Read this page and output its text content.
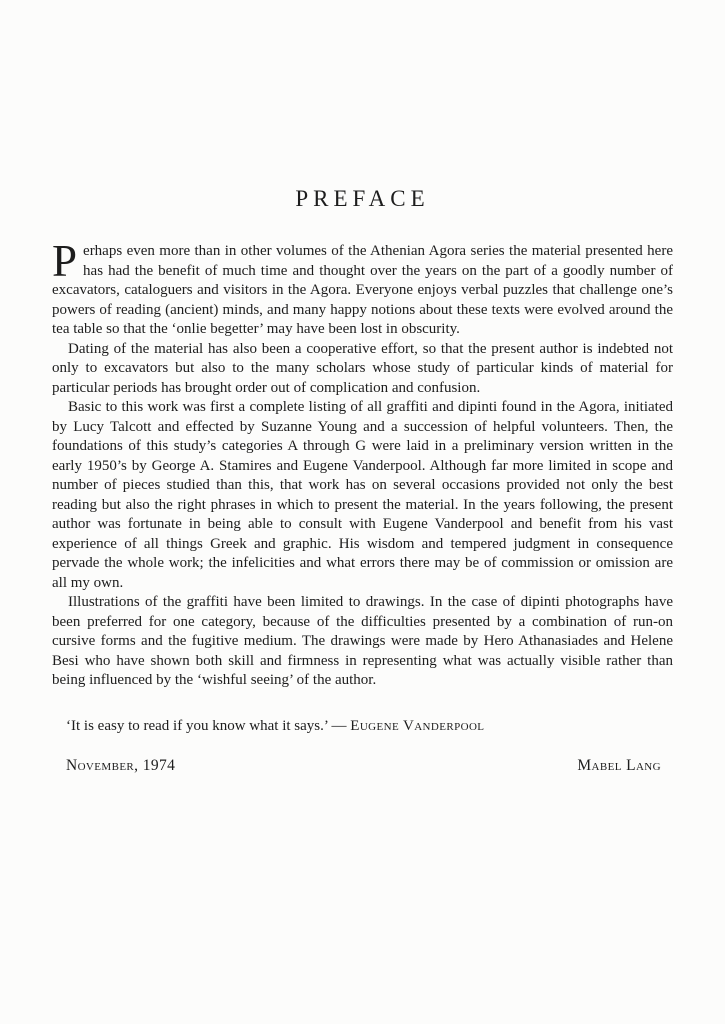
PREFACE

Perhaps even more than in other volumes of the Athenian Agora series the material presented here has had the benefit of much time and thought over the years on the part of a goodly number of excavators, cataloguers and visitors in the Agora. Everyone enjoys verbal puzzles that challenge one’s powers of reading (ancient) minds, and many happy notions about these texts were evolved around the tea table so that the ‘onlie begetter’ may have been lost in obscurity.

Dating of the material has also been a cooperative effort, so that the present author is indebted not only to excavators but also to the many scholars whose study of particular kinds of material for particular periods has brought order out of complication and confusion.

Basic to this work was first a complete listing of all graffiti and dipinti found in the Agora, initiated by Lucy Talcott and effected by Suzanne Young and a succession of helpful volunteers. Then, the foundations of this study’s categories A through G were laid in a preliminary version written in the early 1950’s by George A. Stamires and Eugene Vanderpool. Although far more limited in scope and number of pieces studied than this, that work has on several occasions provided not only the best reading but also the right phrases in which to present the material. In the years following, the present author was fortunate in being able to consult with Eugene Vanderpool and benefit from his vast experience of all things Greek and graphic. His wisdom and tempered judgment in consequence pervade the whole work; the infelicities and what errors there may be of commission or omission are all my own.

Illustrations of the graffiti have been limited to drawings. In the case of dipinti photographs have been preferred for one category, because of the difficulties presented by a combination of run-on cursive forms and the fugitive medium. The drawings were made by Hero Athanasiades and Helene Besi who have shown both skill and firmness in representing what was actually visible rather than being influenced by the ‘wishful seeing’ of the author.

‘It is easy to read if you know what it says.’ — Eugene Vanderpool

November, 1974	Mabel Lang
